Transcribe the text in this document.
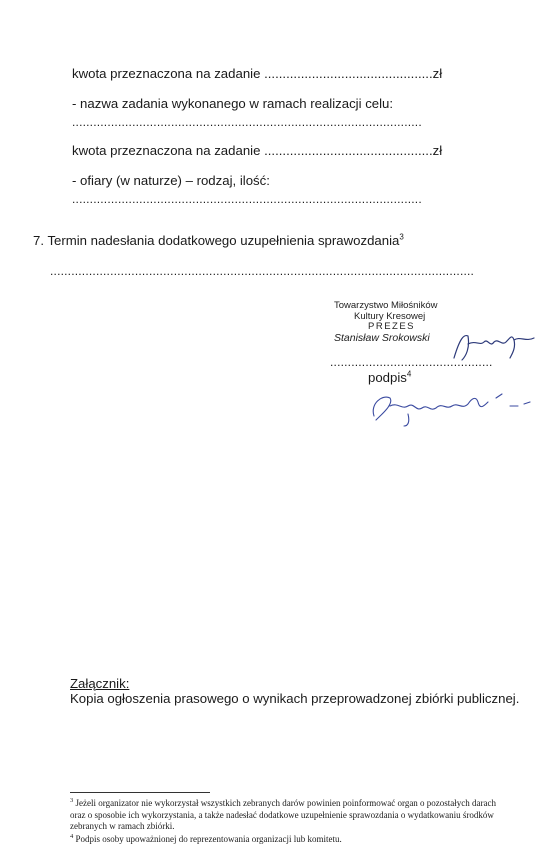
kwota przeznaczona na zadanie ..............................................zł
- nazwa zadania wykonanego w ramach realizacji celu:
...................................................................................................
kwota przeznaczona na zadanie ..............................................zł
- ofiary (w naturze) – rodzaj, ilość:
...................................................................................................
7. Termin nadesłania dodatkowego uzupełnienia sprawozdania$^3$
........................................................................................................................
Towarzystwo Miłośników
Kultury Kresowej
PREZES
Stanisław Srokowski
..............................................
podpis$^4$
Załącznik:
Kopia ogłoszenia prasowego o wynikach przeprowadzonej zbiórki publicznej.
$^3$ Jeżeli organizator nie wykorzystał wszystkich zebranych darów powinien poinformować organ o pozostałych darach oraz o sposobie ich wykorzystania, a także nadesłać dodatkowe uzupełnienie sprawozdania o wydatkowaniu środków zebranych w ramach zbiórki.
$^4$ Podpis osoby upoważnionej do reprezentowania organizacji lub komitetu.
